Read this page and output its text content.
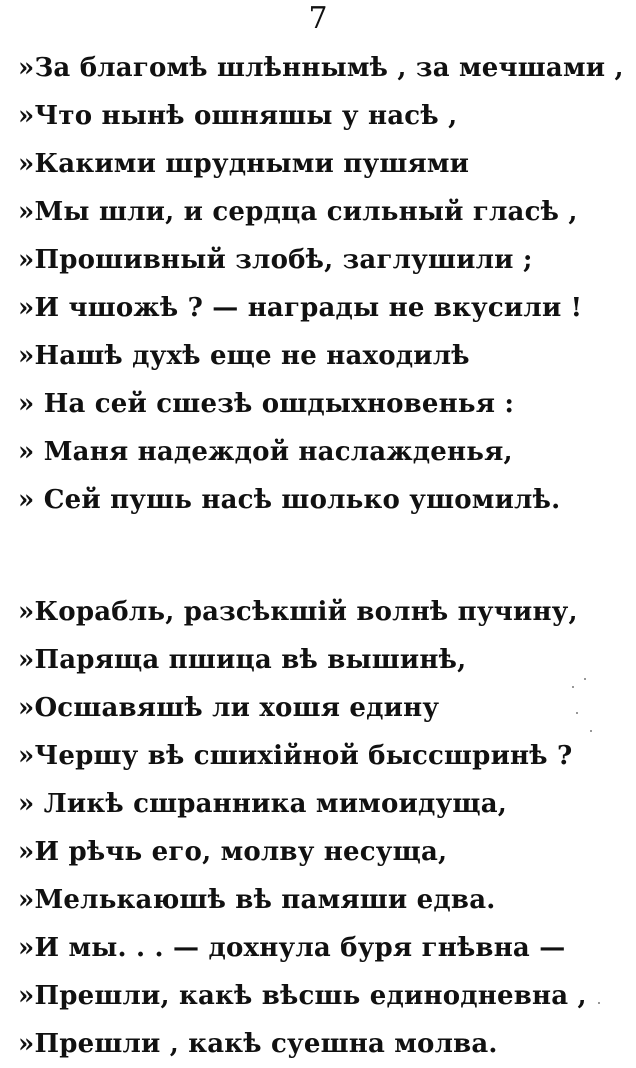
7
»За благомѣ шлѣннымѣ , за мечшами ,
»Что нынѣ ошняшы у насѣ ,
»Какими шрудными пушями
»Мы шли, и сердца сильный гласѣ ,
»Прошивный злобѣ, заглушили ;
»И чшожѣ ? — награды не вкусили !
»Нашѣ духѣ еще не находилѣ
» На сей сшезѣ ошдыхновенья :
» Маня надеждой наслажденья,
» Сей пушь насѣ шолько ушомилѣ.
»Корабль, разсѣкшій волнѣ пучину,
»Паряща пшица вѣ вышинѣ,
»Осшавяшѣ ли хошя едину
»Чершу вѣ сшихійной быссшринѣ ?
» Ликѣ сшранника мимоидуща,
»И рѣчь его, молву несуща,
»Мелькаюшѣ вѣ памяши едва.
»И мы. . . — дохнула буря гнѣвна —
»Прешли, какѣ вѣсшь единодневна ,
»Прешли , какѣ суешна молва.
